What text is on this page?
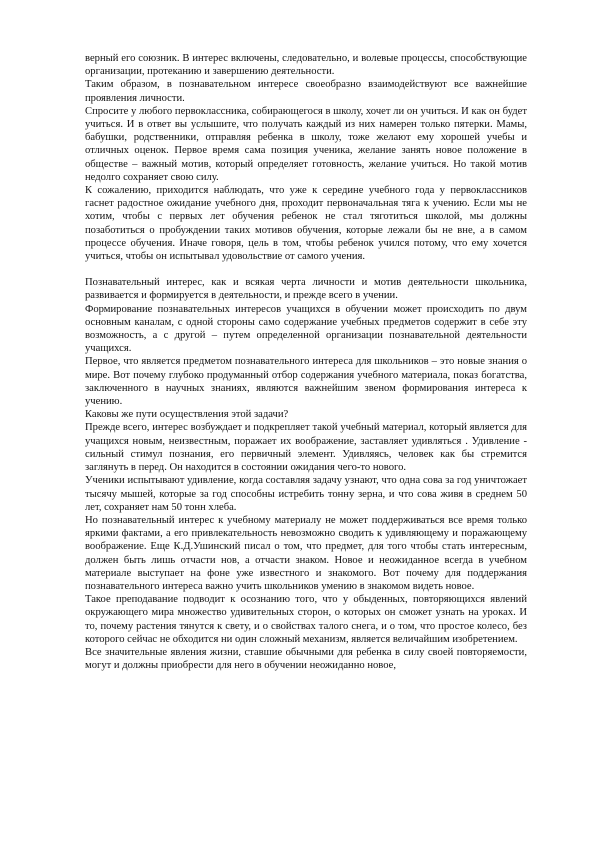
верный его союзник. В интерес включены, следовательно, и волевые процессы, способствующие организации, протеканию и завершению деятельности.

Таким образом, в познавательном интересе своеобразно взаимодействуют все важнейшие проявления личности.

Спросите у любого первоклассника, собирающегося в школу, хочет ли он учиться. И как он будет учиться. И в ответ вы услышите, что получать каждый из них намерен только пятерки. Мамы, бабушки, родственники, отправляя ребенка в школу, тоже желают ему хорошей учебы и отличных оценок. Первое время сама позиция ученика, желание занять новое положение в обществе – важный мотив, который определяет готовность, желание учиться. Но такой мотив недолго сохраняет свою силу.

К сожалению, приходится наблюдать, что уже к середине учебного года у первоклассников гаснет радостное ожидание учебного дня, проходит первоначальная тяга к учению. Если мы не хотим, чтобы с первых лет обучения ребенок не стал тяготиться школой, мы должны позаботиться о пробуждении таких мотивов обучения, которые лежали бы не вне, а в самом процессе обучения. Иначе говоря, цель в том, чтобы ребенок учился потому, что ему хочется учиться, чтобы он испытывал удовольствие от самого учения.

Познавательный интерес, как и всякая черта личности и мотив деятельности школьника, развивается и формируется в деятельности, и прежде всего в учении.

Формирование познавательных интересов учащихся в обучении может происходить по двум основным каналам, с одной стороны само содержание учебных предметов содержит в себе эту возможность, а с другой – путем определенной организации познавательной деятельности учащихся.

Первое, что является предметом познавательного интереса для школьников – это новые знания о мире. Вот почему глубоко продуманный отбор содержания учебного материала, показ богатства, заключенного в научных знаниях, являются важнейшим звеном формирования интереса к учению.

Каковы же пути осуществления этой задачи?

Прежде всего, интерес возбуждает и подкрепляет такой учебный материал, который является для учащихся новым, неизвестным, поражает их воображение, заставляет удивляться . Удивление - сильный стимул познания, его первичный элемент. Удивляясь, человек как бы стремится заглянуть в перед. Он находится в состоянии ожидания чего-то нового.

Ученики испытывают удивление, когда составляя задачу узнают, что одна сова за год уничтожает тысячу мышей, которые за год способны истребить тонну зерна, и что сова живя в среднем 50 лет, сохраняет нам 50 тонн хлеба.

Но познавательный интерес к учебному материалу не может поддерживаться все время только яркими фактами, а его привлекательность невозможно сводить к удивляющему и поражающему воображение. Еще К.Д.Ушинский писал о том, что предмет, для того чтобы стать интересным, должен быть лишь отчасти нов, а отчасти знаком. Новое и неожиданное всегда в учебном материале выступает на фоне уже известного и знакомого. Вот почему для поддержания познавательного интереса важно учить школьников умению в знакомом видеть новое.

Такое преподавание подводит к осознанию того, что у обыденных, повторяющихся явлений окружающего мира множество удивительных сторон, о которых он сможет узнать на уроках. И то, почему растения тянутся к свету, и о свойствах талого снега, и о том, что простое колесо, без которого сейчас не обходится ни один сложный механизм, является величайшим изобретением.

Все значительные явления жизни, ставшие обычными для ребенка в силу своей повторяемости, могут и должны приобрести для него в обучении неожиданно новое,
